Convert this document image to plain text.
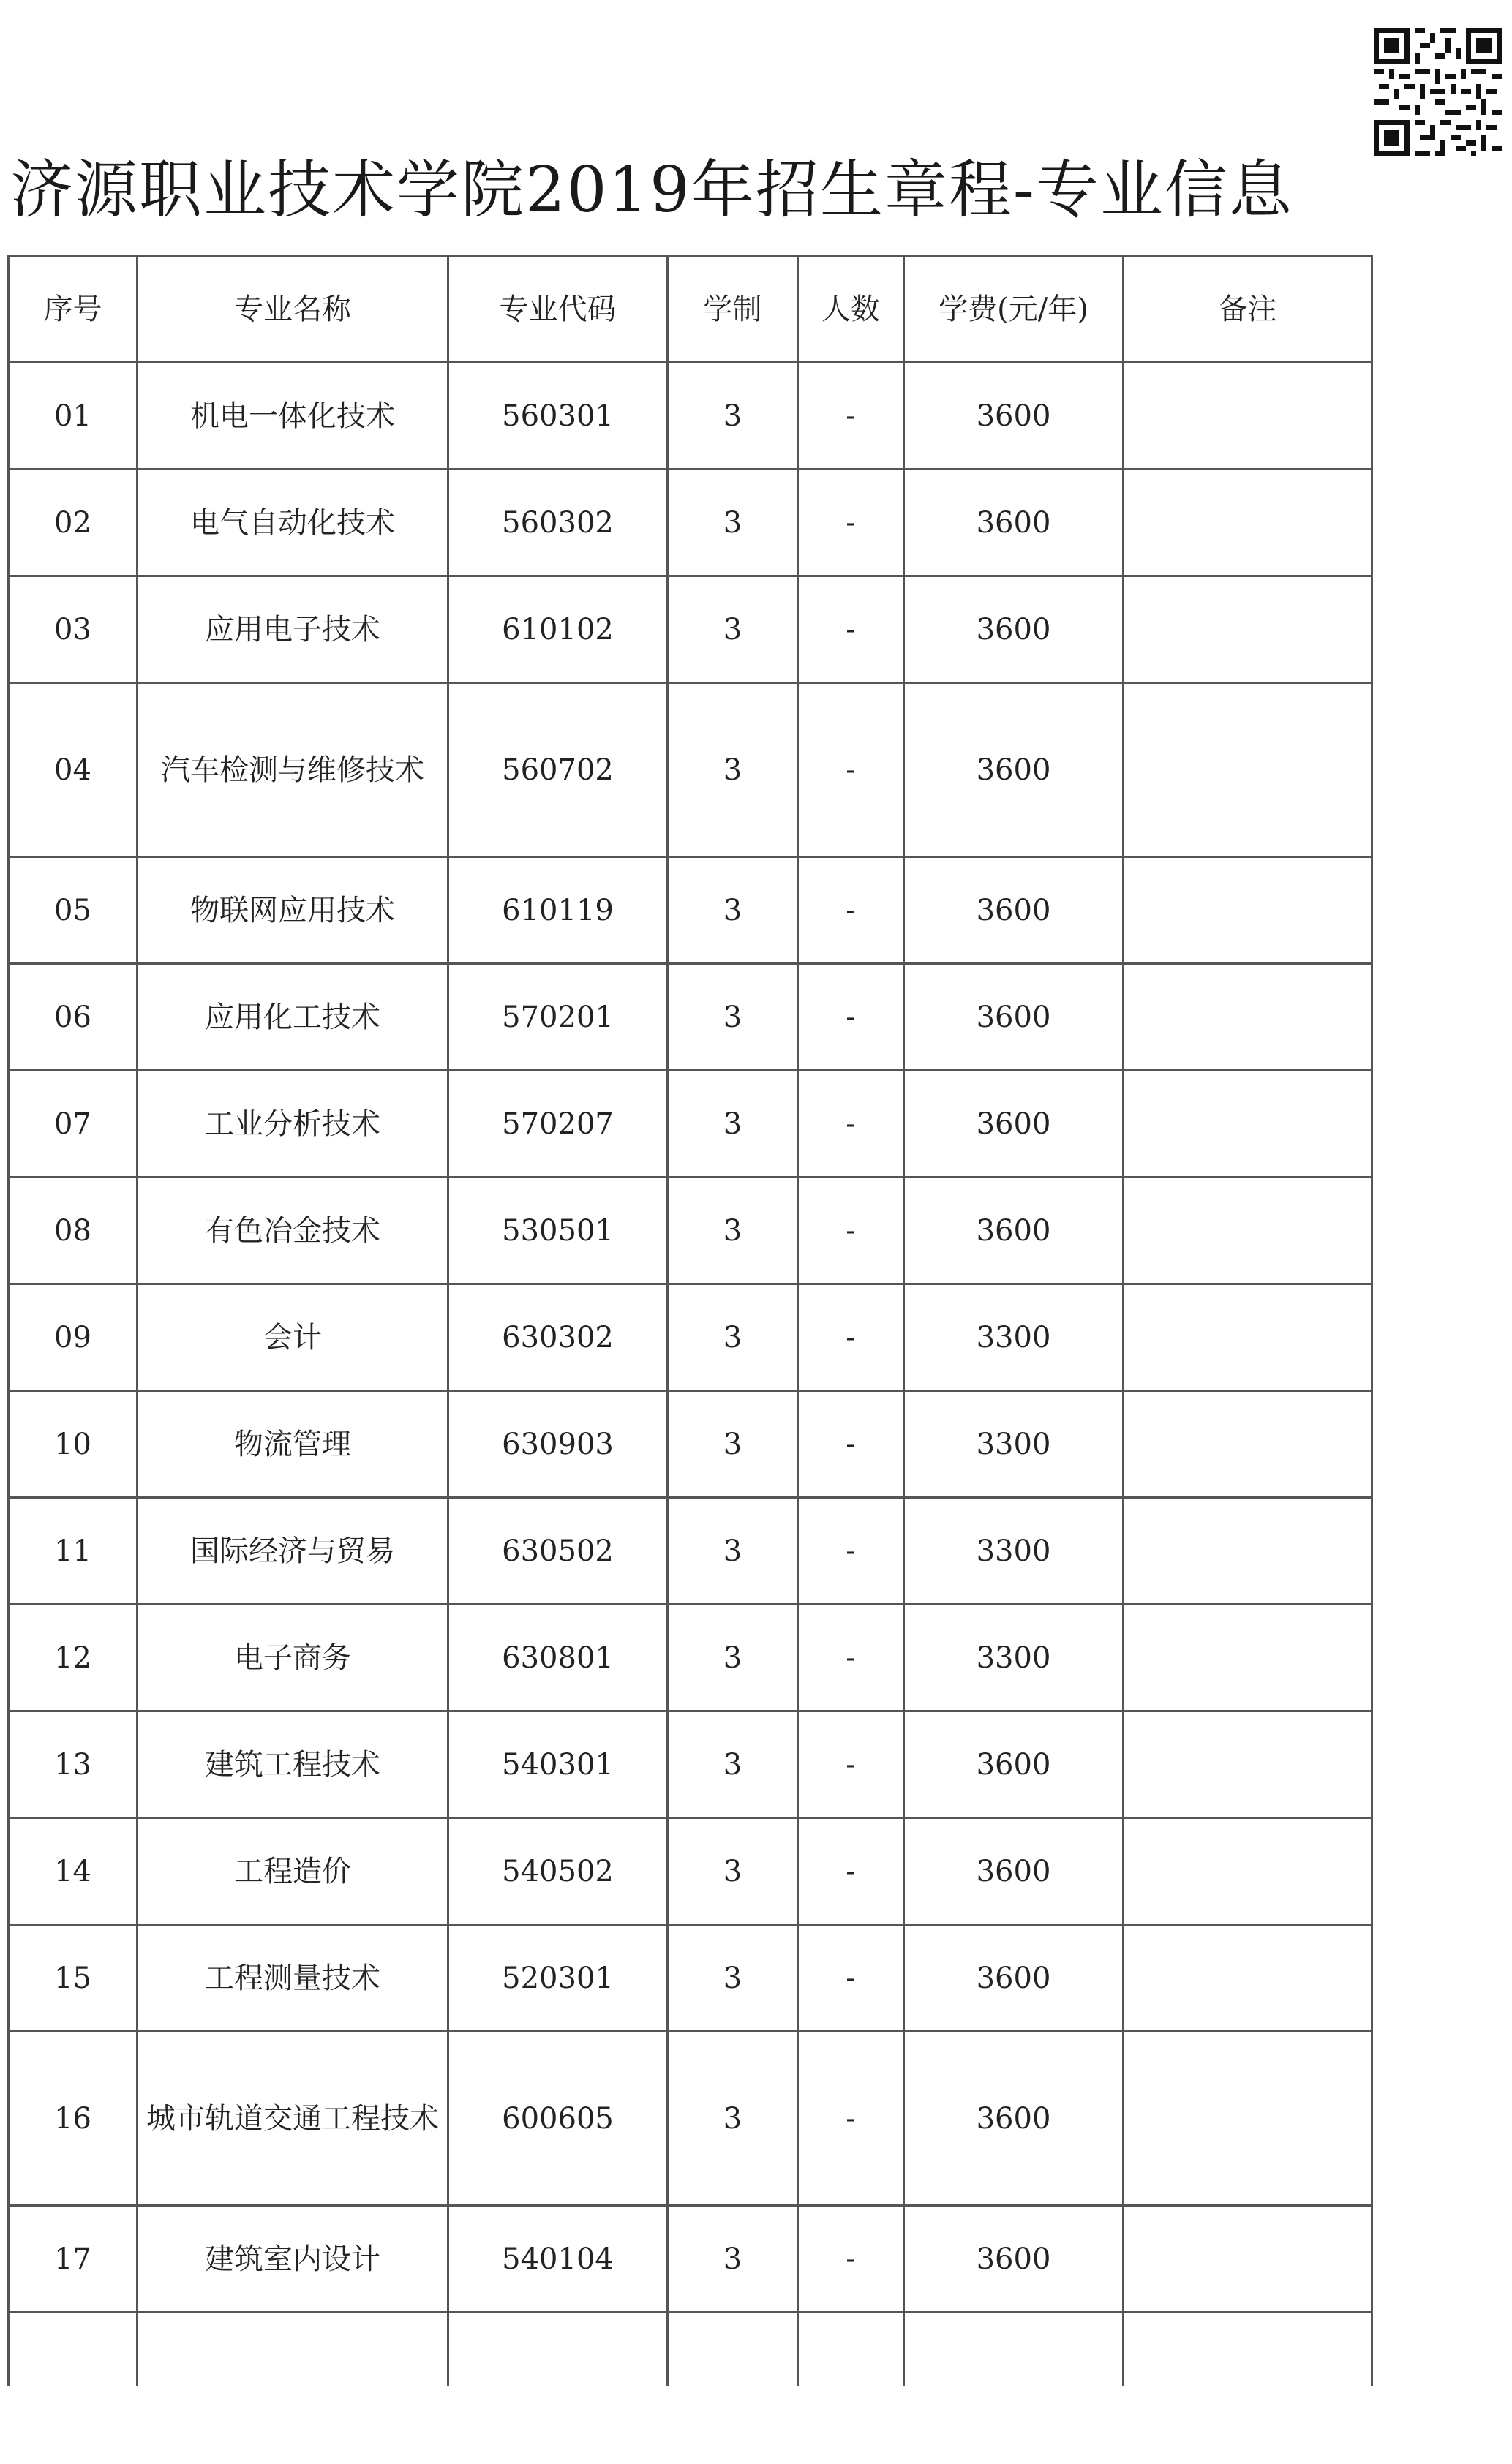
济源职业技术学院2019年招生章程-专业信息
序号	专业名称	专业代码	学制	人数	学费(元/年)	备注
01	机电一体化技术	560301	3	-	3600	
02	电气自动化技术	560302	3	-	3600	
03	应用电子技术	610102	3	-	3600	
04	汽车检测与维修技术	560702	3	-	3600	
05	物联网应用技术	610119	3	-	3600	
06	应用化工技术	570201	3	-	3600	
07	工业分析技术	570207	3	-	3600	
08	有色冶金技术	530501	3	-	3600	
09	会计	630302	3	-	3300	
10	物流管理	630903	3	-	3300	
11	国际经济与贸易	630502	3	-	3300	
12	电子商务	630801	3	-	3300	
13	建筑工程技术	540301	3	-	3600	
14	工程造价	540502	3	-	3600	
15	工程测量技术	520301	3	-	3600	
16	城市轨道交通工程技术	600605	3	-	3600	
17	建筑室内设计	540104	3	-	3600	
